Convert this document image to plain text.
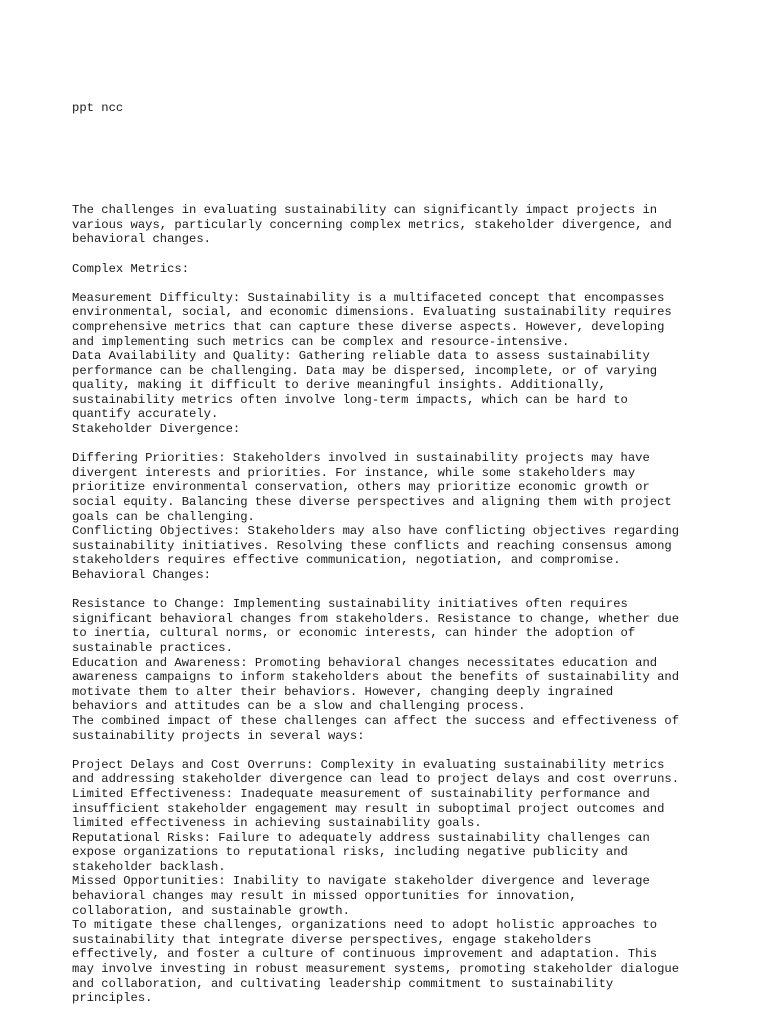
ppt ncc

The challenges in evaluating sustainability can significantly impact projects in
various ways, particularly concerning complex metrics, stakeholder divergence, and
behavioral changes.
Complex Metrics:
Measurement Difficulty: Sustainability is a multifaceted concept that encompasses
environmental, social, and economic dimensions. Evaluating sustainability requires
comprehensive metrics that can capture these diverse aspects. However, developing
and implementing such metrics can be complex and resource-intensive.
Data Availability and Quality: Gathering reliable data to assess sustainability
performance can be challenging. Data may be dispersed, incomplete, or of varying
quality, making it difficult to derive meaningful insights. Additionally,
sustainability metrics often involve long-term impacts, which can be hard to
quantify accurately.
Stakeholder Divergence:
Differing Priorities: Stakeholders involved in sustainability projects may have
divergent interests and priorities. For instance, while some stakeholders may
prioritize environmental conservation, others may prioritize economic growth or
social equity. Balancing these diverse perspectives and aligning them with project
goals can be challenging.
Conflicting Objectives: Stakeholders may also have conflicting objectives regarding
sustainability initiatives. Resolving these conflicts and reaching consensus among
stakeholders requires effective communication, negotiation, and compromise.
Behavioral Changes:
Resistance to Change: Implementing sustainability initiatives often requires
significant behavioral changes from stakeholders. Resistance to change, whether due
to inertia, cultural norms, or economic interests, can hinder the adoption of
sustainable practices.
Education and Awareness: Promoting behavioral changes necessitates education and
awareness campaigns to inform stakeholders about the benefits of sustainability and
motivate them to alter their behaviors. However, changing deeply ingrained
behaviors and attitudes can be a slow and challenging process.
The combined impact of these challenges can affect the success and effectiveness of
sustainability projects in several ways:
Project Delays and Cost Overruns: Complexity in evaluating sustainability metrics
and addressing stakeholder divergence can lead to project delays and cost overruns.
Limited Effectiveness: Inadequate measurement of sustainability performance and
insufficient stakeholder engagement may result in suboptimal project outcomes and
limited effectiveness in achieving sustainability goals.
Reputational Risks: Failure to adequately address sustainability challenges can
expose organizations to reputational risks, including negative publicity and
stakeholder backlash.
Missed Opportunities: Inability to navigate stakeholder divergence and leverage
behavioral changes may result in missed opportunities for innovation,
collaboration, and sustainable growth.
To mitigate these challenges, organizations need to adopt holistic approaches to
sustainability that integrate diverse perspectives, engage stakeholders
effectively, and foster a culture of continuous improvement and adaptation. This
may involve investing in robust measurement systems, promoting stakeholder dialogue
and collaboration, and cultivating leadership commitment to sustainability
principles.
